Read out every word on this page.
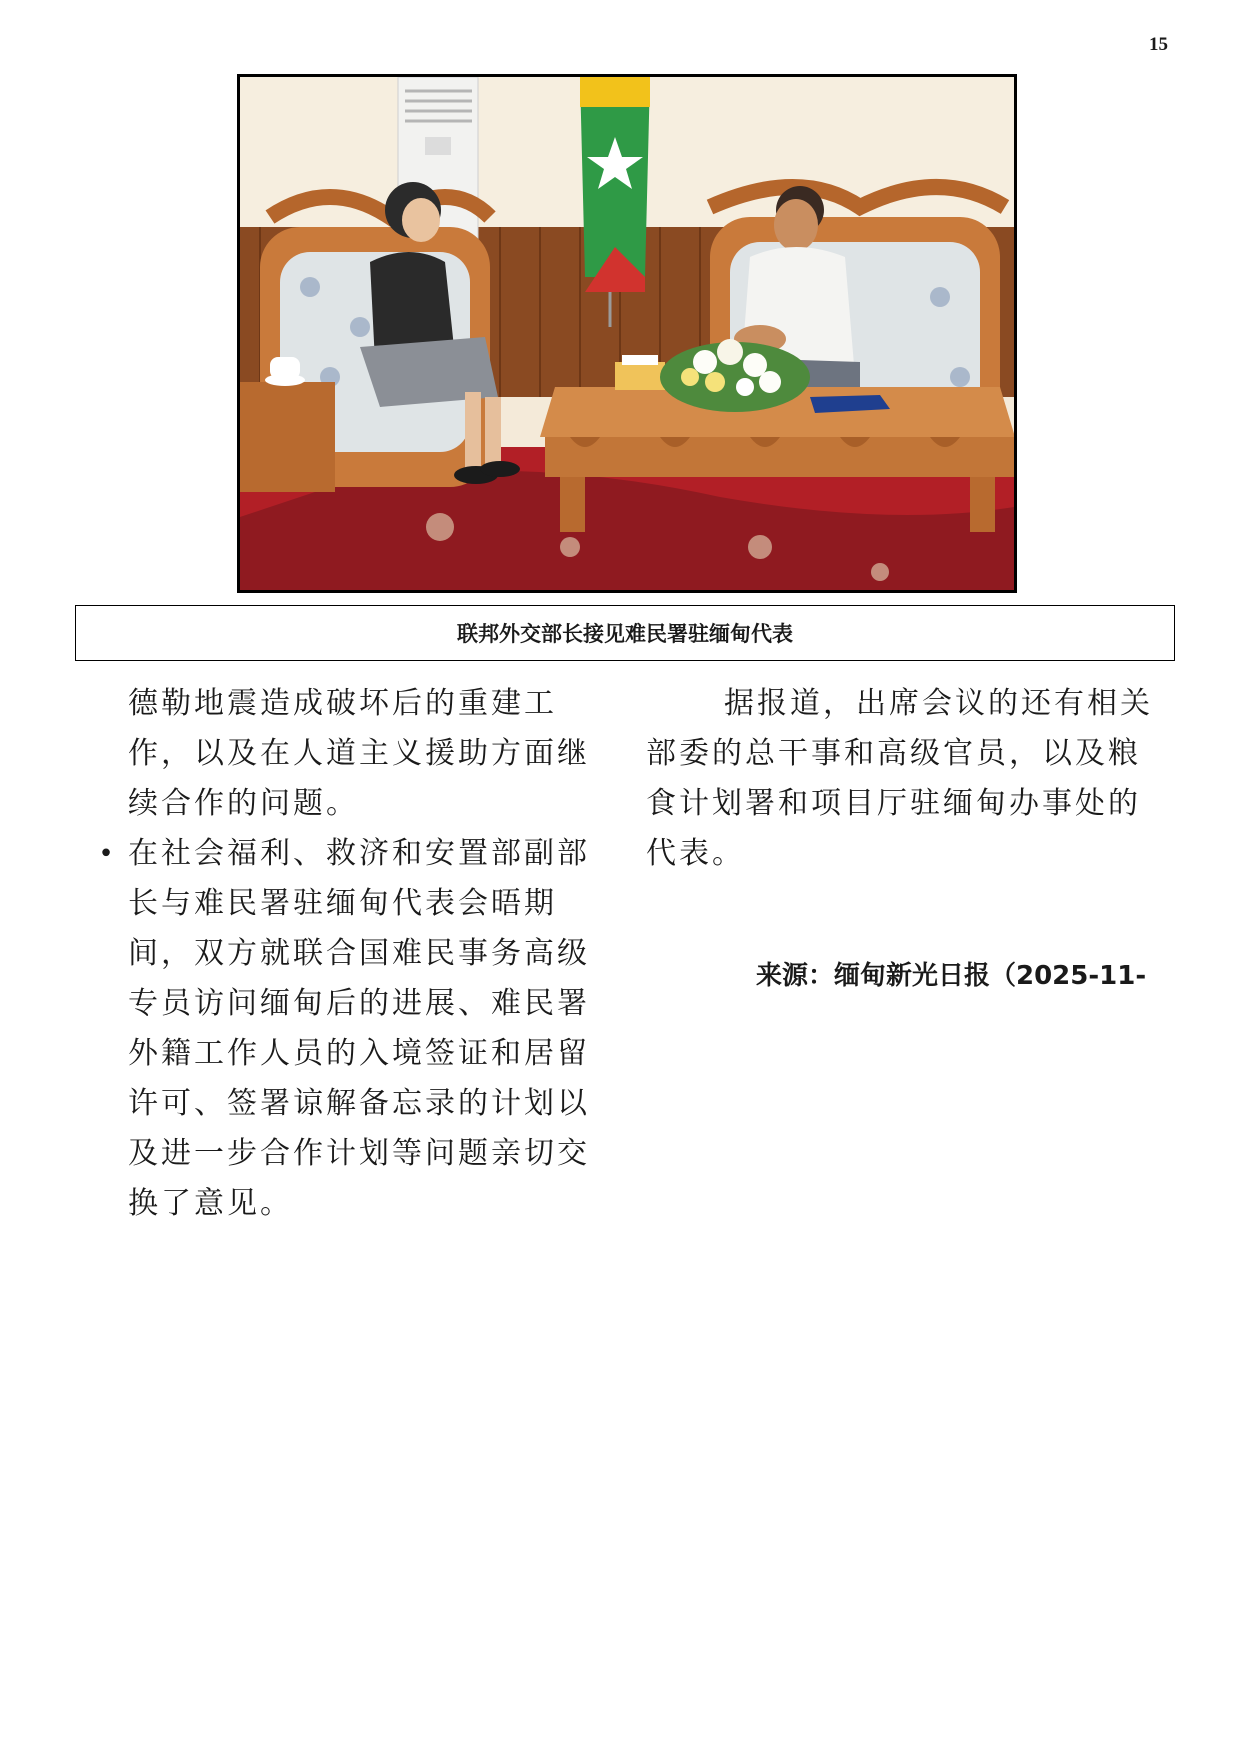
15
联邦外交部长接见难民署驻缅甸代表
德勒地震造成破坏后的重建工
作，以及在人道主义援助方面继
续合作的问题。
• 在社会福利、救济和安置部副部
长与难民署驻缅甸代表会晤期
间，双方就联合国难民事务高级
专员访问缅甸后的进展、难民署
外籍工作人员的入境签证和居留
许可、签署谅解备忘录的计划以
及进一步合作计划等问题亲切交
换了意见。
据报道，出席会议的还有相关
部委的总干事和高级官员，以及粮
食计划署和项目厅驻缅甸办事处的
代表。
来源：缅甸新光日报（2025-11-
